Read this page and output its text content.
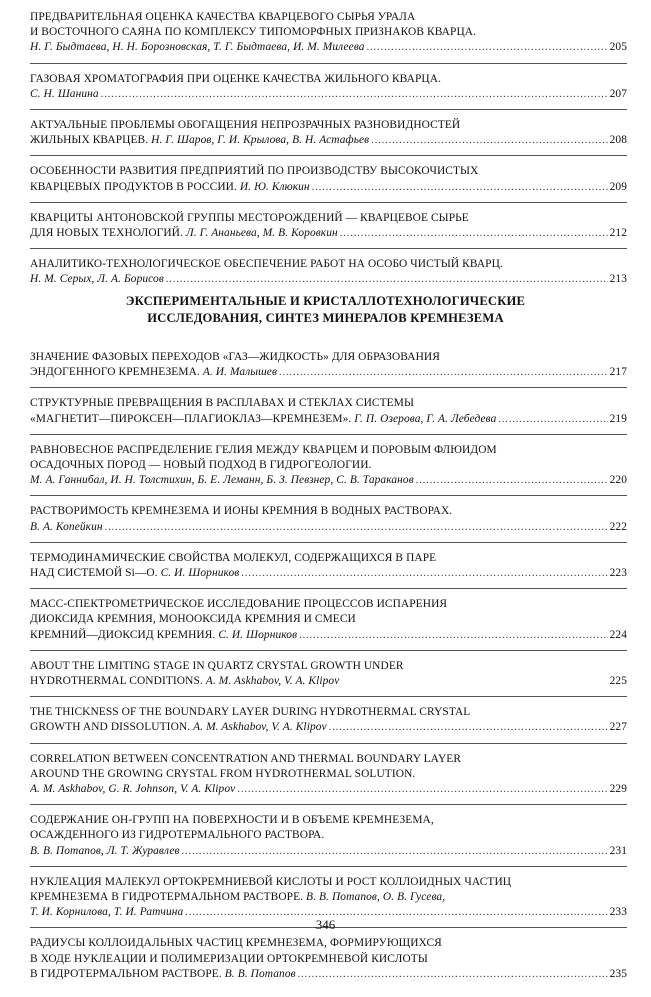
ПРЕДВАРИТЕЛЬНАЯ ОЦЕНКА КАЧЕСТВА КВАРЦЕВОГО СЫРЬЯ УРАЛА
И ВОСТОЧНОГО САЯНА ПО КОМПЛЕКСУ ТИПОМОРФНЫХ ПРИЗНАКОВ КВАРЦА.
Н. Г. Быдтаева, Н. Н. Борозновская, Т. Г. Быдтаева, И. М. Милеева .....	205
ГАЗОВАЯ ХРОМАТОГРАФИЯ ПРИ ОЦЕНКЕ КАЧЕСТВА ЖИЛЬНОГО КВАРЦА.
С. Н. Шанина .....	207
АКТУАЛЬНЫЕ ПРОБЛЕМЫ ОБОГАЩЕНИЯ НЕПРОЗРАЧНЫХ РАЗНОВИДНОСТЕЙ
ЖИЛЬНЫХ КВАРЦЕВ. Н. Г. Шаров, Г. И. Крылова, В. Н. Астафьев .....	208
ОСОБЕННОСТИ РАЗВИТИЯ ПРЕДПРИЯТИЙ ПО ПРОИЗВОДСТВУ ВЫСОКОЧИСТЫХ
КВАРЦЕВЫХ ПРОДУКТОВ В РОССИИ. И. Ю. Клюкин .....	209
КВАРЦИТЫ АНТОНОВСКОЙ ГРУППЫ МЕСТОРОЖДЕНИЙ — КВАРЦЕВОЕ СЫРЬЕ
ДЛЯ НОВЫХ ТЕХНОЛОГИЙ. Л. Г. Ананьева, М. В. Коровкин .....	212
АНАЛИТИКО-ТЕХНОЛОГИЧЕСКОЕ ОБЕСПЕЧЕНИЕ РАБОТ НА ОСОБО ЧИСТЫЙ КВАРЦ.
Н. М. Серых, Л. А. Борисов .....	213
ЭКСПЕРИМЕНТАЛЬНЫЕ И КРИСТАЛЛОТЕХНОЛОГИЧЕСКИЕ
ИССЛЕДОВАНИЯ, СИНТЕЗ МИНЕРАЛОВ КРЕМНЕЗЕМА
ЗНАЧЕНИЕ ФАЗОВЫХ ПЕРЕХОДОВ «ГАЗ—ЖИДКОСТЬ» ДЛЯ ОБРАЗОВАНИЯ
ЭНДОГЕННОГО КРЕМНЕЗЕМА. А. И. Малышев .....	217
СТРУКТУРНЫЕ ПРЕВРАЩЕНИЯ В РАСПЛАВАХ И СТЕКЛАХ СИСТЕМЫ
«МАГНЕТИТ—ПИРОКСЕН—ПЛАГИОКЛАЗ—КРЕМНЕЗЕМ». Г. П. Озерова, Г. А. Лебедева .....	219
РАВНОВЕСНОЕ РАСПРЕДЕЛЕНИЕ ГЕЛИЯ МЕЖДУ КВАРЦЕМ И ПОРОВЫМ ФЛЮИДОМ
ОСАДОЧНЫХ ПОРОД — НОВЫЙ ПОДХОД В ГИДРОГЕОЛОГИИ.
М. А. Ганнибал, И. Н. Толстихин, Б. Е. Леманн, Б. З. Певзнер, С. В. Тараканов .....	220
РАСТВОРИМОСТЬ КРЕМНЕЗЕМА И ИОНЫ КРЕМНИЯ В ВОДНЫХ РАСТВОРАХ.
В. А. Копейкин .....	222
ТЕРМОДИНАМИЧЕСКИЕ СВОЙСТВА МОЛЕКУЛ, СОДЕРЖАЩИХСЯ В ПАРЕ
НАД СИСТЕМОЙ Si—O. С. И. Шорников .....	223
МАСС-СПЕКТРОМЕТРИЧЕСКОЕ ИССЛЕДОВАНИЕ ПРОЦЕССОВ ИСПАРЕНИЯ
ДИОКСИДА КРЕМНИЯ, МОНООКСИДА КРЕМНИЯ И СМЕСИ
КРЕМНИЙ—ДИОКСИД КРЕМНИЯ. С. И. Шорников .....	224
ABOUT THE LIMITING STAGE IN QUARTZ CRYSTAL GROWTH UNDER
HYDROTHERMAL CONDITIONS. A. M. Askhabov, V. A. Klipov	225
THE THICKNESS OF THE BOUNDARY LAYER DURING HYDROTHERMAL CRYSTAL
GROWTH AND DISSOLUTION. A. M. Askhabov, V. A. Klipov .....	227
CORRELATION BETWEEN CONCENTRATION AND THERMAL BOUNDARY LAYER
AROUND THE GROWING CRYSTAL FROM HYDROTHERMAL SOLUTION.
A. M. Askhabov, G. R. Johnson, V. A. Klipov .....	229
СОДЕРЖАНИЕ ОН-ГРУПП НА ПОВЕРХНОСТИ И В ОБЪЕМЕ КРЕМНЕЗЕМА,
ОСАЖДЕННОГО ИЗ ГИДРОТЕРМАЛЬНОГО РАСТВОРА.
В. В. Потапов, Л. Т. Журавлев .....	231
НУКЛЕАЦИЯ МАЛЕКУЛ ОРТОКРЕМНИЕВОЙ КИСЛОТЫ И РОСТ КОЛЛОИДНЫХ ЧАСТИЦ
КРЕМНЕЗЕМА В ГИДРОТЕРМАЛЬНОМ РАСТВОРЕ. В. В. Потапов, О. В. Гусева,
Т. И. Корнилова, Т. И. Ратчина .....	233
РАДИУСЫ КОЛЛОИДАЛЬНЫХ ЧАСТИЦ КРЕМНЕЗЕМА, ФОРМИРУЮЩИХСЯ
В ХОДЕ НУКЛЕАЦИИ И ПОЛИМЕРИЗАЦИИ ОРТОКРЕМНЕВОЙ КИСЛОТЫ
В ГИДРОТЕРМАЛЬНОМ РАСТВОРЕ. В. В. Потапов .....	235
346
